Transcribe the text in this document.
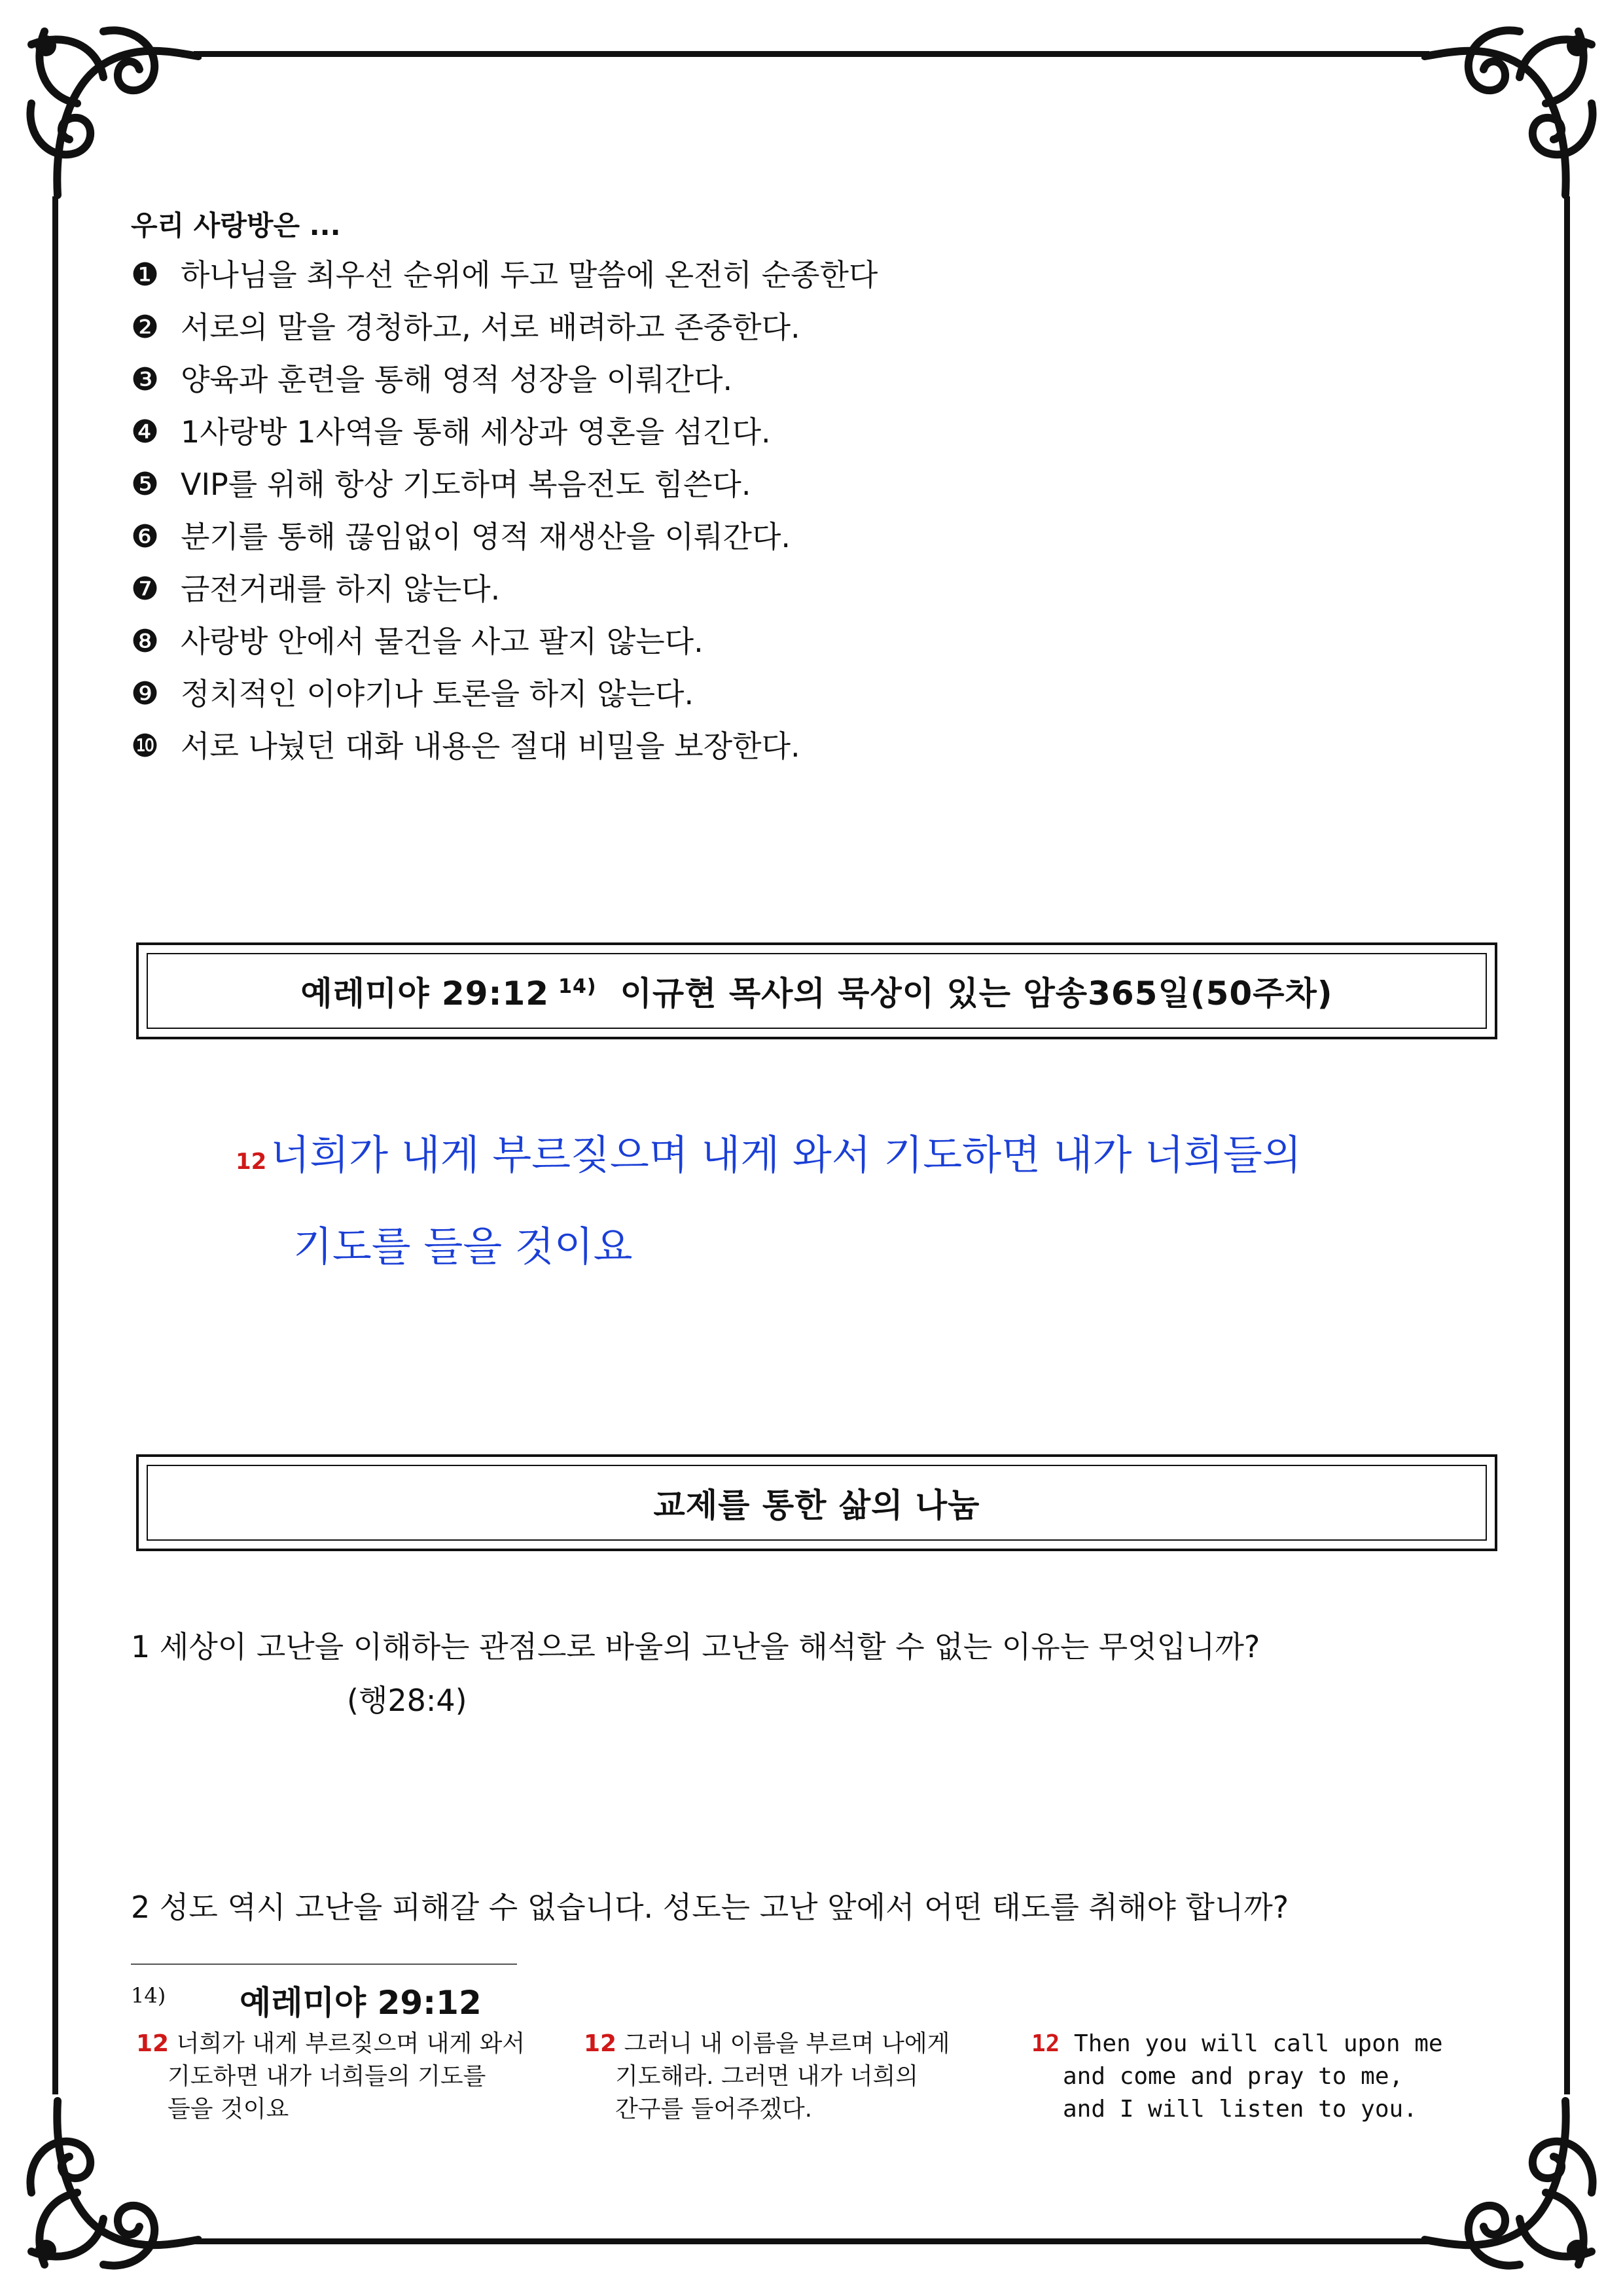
우리 사랑방은 ...
❶ 하나님을 최우선 순위에 두고 말씀에 온전히 순종한다
❷ 서로의 말을 경청하고, 서로 배려하고 존중한다.
❸ 양육과 훈련을 통해 영적 성장을 이뤄간다.
❹ 1사랑방 1사역을 통해 세상과 영혼을 섬긴다.
❺ VIP를 위해 항상 기도하며 복음전도 힘쓴다.
❻ 분기를 통해 끊임없이 영적 재생산을 이뤄간다.
❼ 금전거래를 하지 않는다.
❽ 사랑방 안에서 물건을 사고 팔지 않는다.
❾ 정치적인 이야기나 토론을 하지 않는다.
❿ 서로 나눴던 대화 내용은 절대 비밀을 보장한다.
예레미야 29:12 $^{14)}$ 이규현 목사의 묵상이 있는 암송365일(50주차)
12너희가 내게 부르짖으며 내게 와서 기도하면 내가 너희들의
기도를 들을 것이요
교제를 통한 삶의 나눔
1 세상이 고난을 이해하는 관점으로 바울의 고난을 해석할 수 없는 이유는 무엇입니까?
(행28:4)
2 성도 역시 고난을 피해갈 수 없습니다. 성도는 고난 앞에서 어떤 태도를 취해야 합니까?
14) 예레미야 29:12
12 너희가 내게 부르짖으며 내게 와서
기도하면 내가 너희들의 기도를
들을 것이요
12 그러니 내 이름을 부르며 나에게
기도해라. 그러면 내가 너희의
간구를 들어주겠다.
12 Then you will call upon me
and come and pray to me,
and I will listen to you.
